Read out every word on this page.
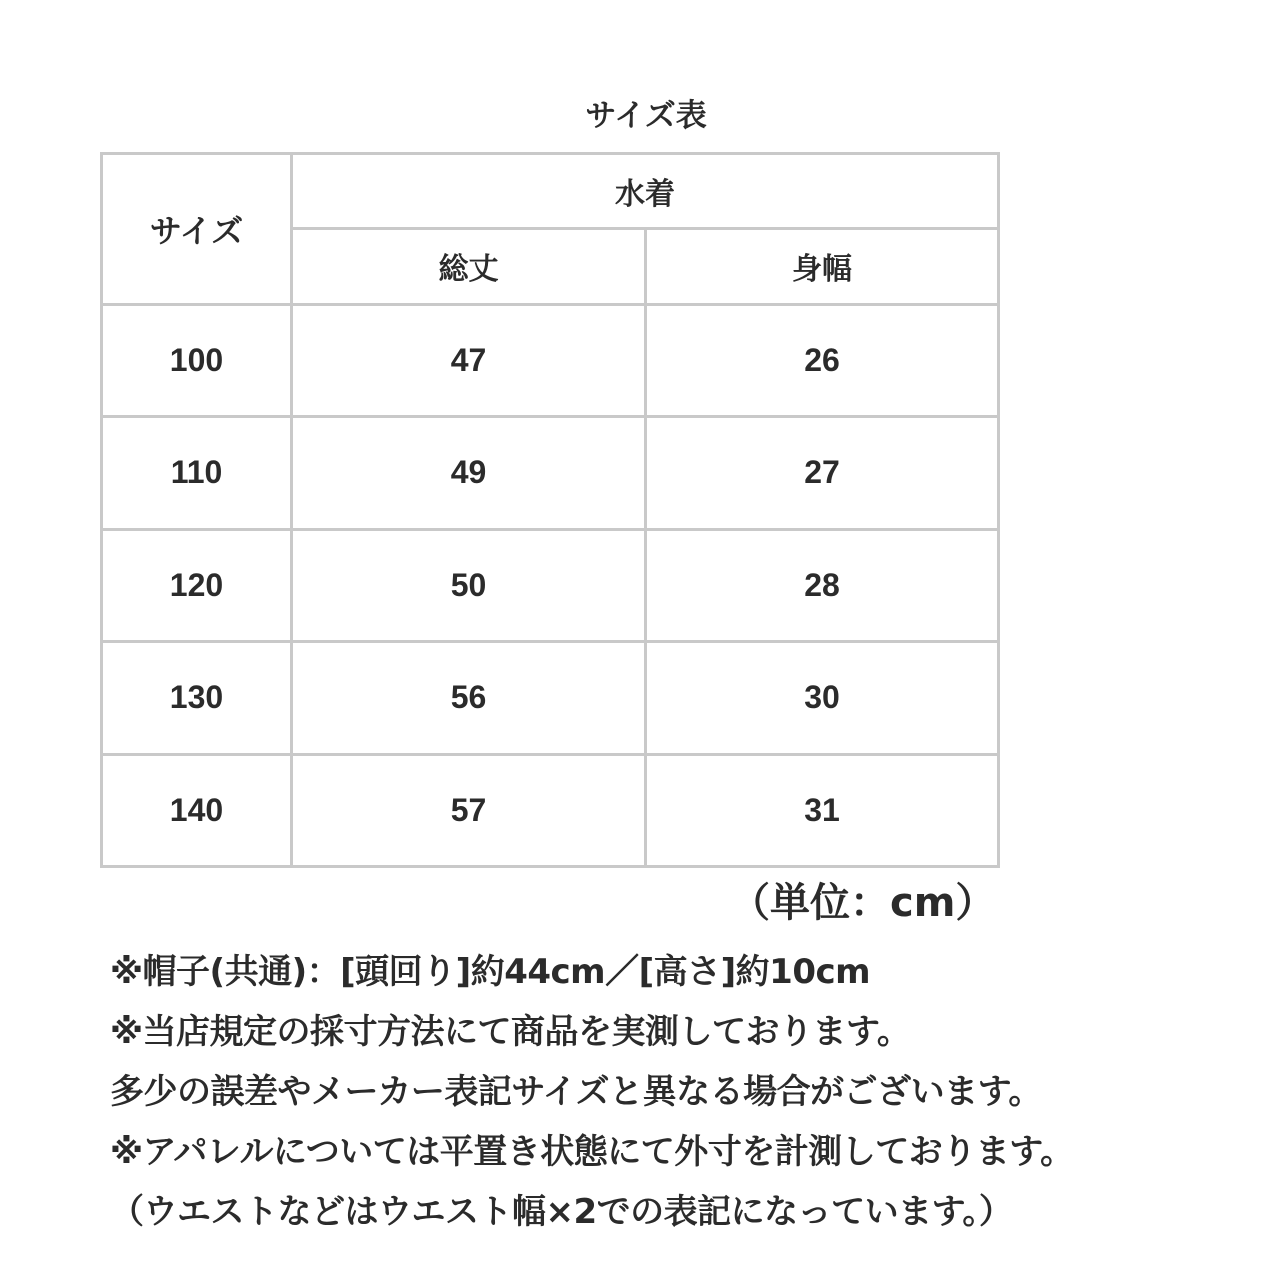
サイズ表
サイズ	水着	
	総丈	身幅
100	47	26
110	49	27
120	50	28
130	56	30
140	57	31
（単位：cm）
※帽子(共通)：[頭回り]約44cm／[高さ]約10cm
※当店規定の採寸方法にて商品を実測しております。
多少の誤差やメーカー表記サイズと異なる場合がございます。
※アパレルについては平置き状態にて外寸を計測しております。
（ウエストなどはウエスト幅×2での表記になっています。）
